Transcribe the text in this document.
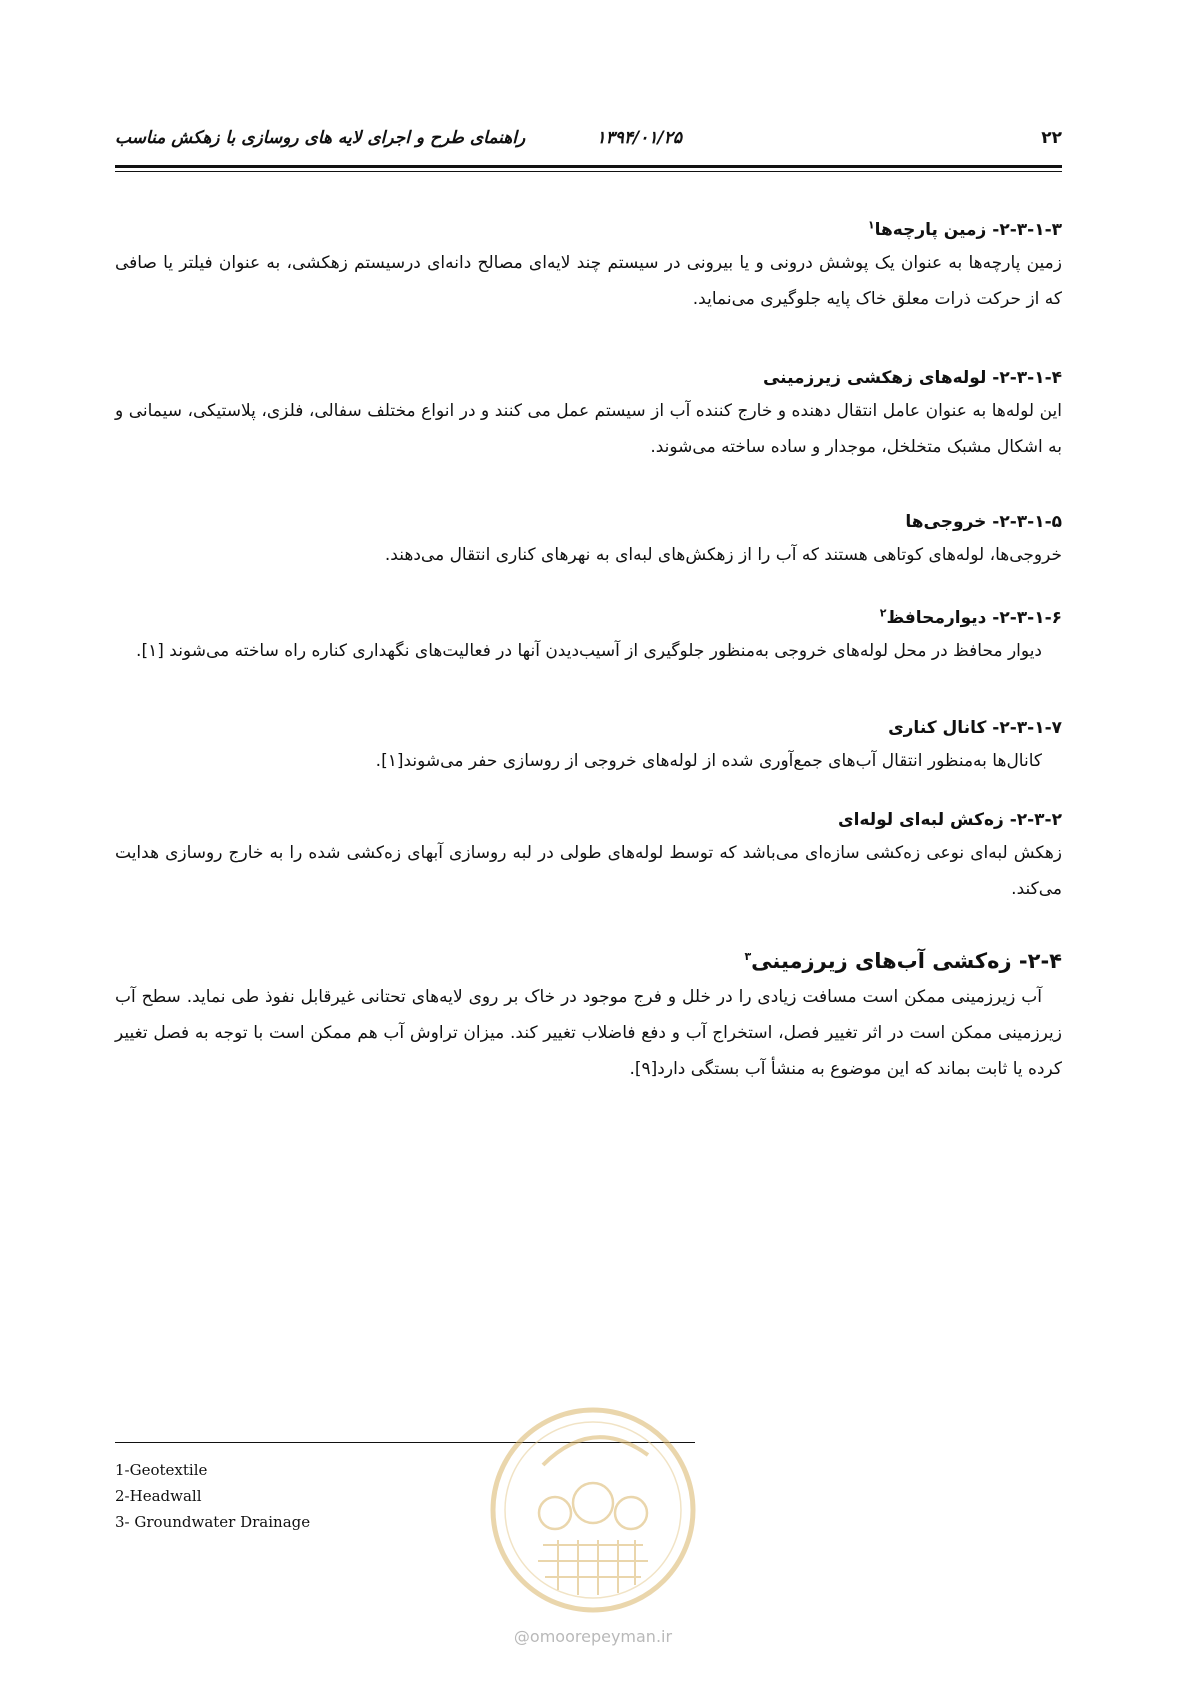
۲۲
۱۳۹۴/۰۱/۲۵
راهنمای طرح و اجرای لایه های روسازی با زهکش مناسب
۲-۳-۱-۳- زمین پارچه‌ها$^۱$

زمین پارچه‌ها به عنوان یک پوشش درونی و یا بیرونی در سیستم چند لایه‌ای مصالح دانه‌ای درسیستم زهکشی، به عنوان فیلتر یا صافی که از حرکت ذرات معلق خاک پایه جلوگیری می‌نماید.

۲-۳-۱-۴- لوله‌های زهکشی زیرزمینی

این لوله‌ها به عنوان عامل انتقال دهنده و خارج کننده آب از سیستم عمل می کنند و در انواع مختلف سفالی، فلزی، پلاستیکی، سیمانی و به اشکال مشبک متخلخل، موجدار و ساده ساخته می‌شوند.

۲-۳-۱-۵- خروجی‌ها

خروجی‌ها، لوله‌های کوتاهی هستند که آب را از زهکش‌های لبه‌ای به نهرهای کناری انتقال می‌دهند.

۲-۳-۱-۶- دیوارمحافظ$^۲$

دیوار محافظ در محل لوله‌های خروجی به‌منظور جلوگیری از آسیب‌دیدن آنها در فعالیت‌های نگهداری کناره راه ساخته می‌شوند [۱].

۲-۳-۱-۷- کانال کناری

کانال‌ها به‌منظور انتقال آب‌های جمع‌آوری شده از لوله‌های خروجی از روسازی حفر می‌شوند[۱].

۲-۳-۲- زه‌کش لبه‌ای لوله‌ای

زهکش لبه‌ای نوعی زه‌کشی سازه‌ای می‌باشد که توسط لوله‌های طولی در لبه روسازی آبهای زه‌کشی شده را به خارج روسازی هدایت می‌کند.

۲-۴- زه‌کشی آب‌های زیرزمینی$^۳$

آب زیرزمینی ممکن است مسافت زیادی را در خلل و فرج موجود در خاک بر روی لایه‌های تحتانی غیرقابل نفوذ طی نماید. سطح آب زیرزمینی ممکن است در اثر تغییر فصل، استخراج آب و دفع فاضلاب تغییر کند. میزان تراوش آب هم ممکن است با توجه به فصل تغییر کرده یا ثابت بماند که این موضوع به منشأ آب بستگی دارد[۹].

1-Geotextile
2-Headwall
3- Groundwater Drainage
@omoorepeyman.ir
